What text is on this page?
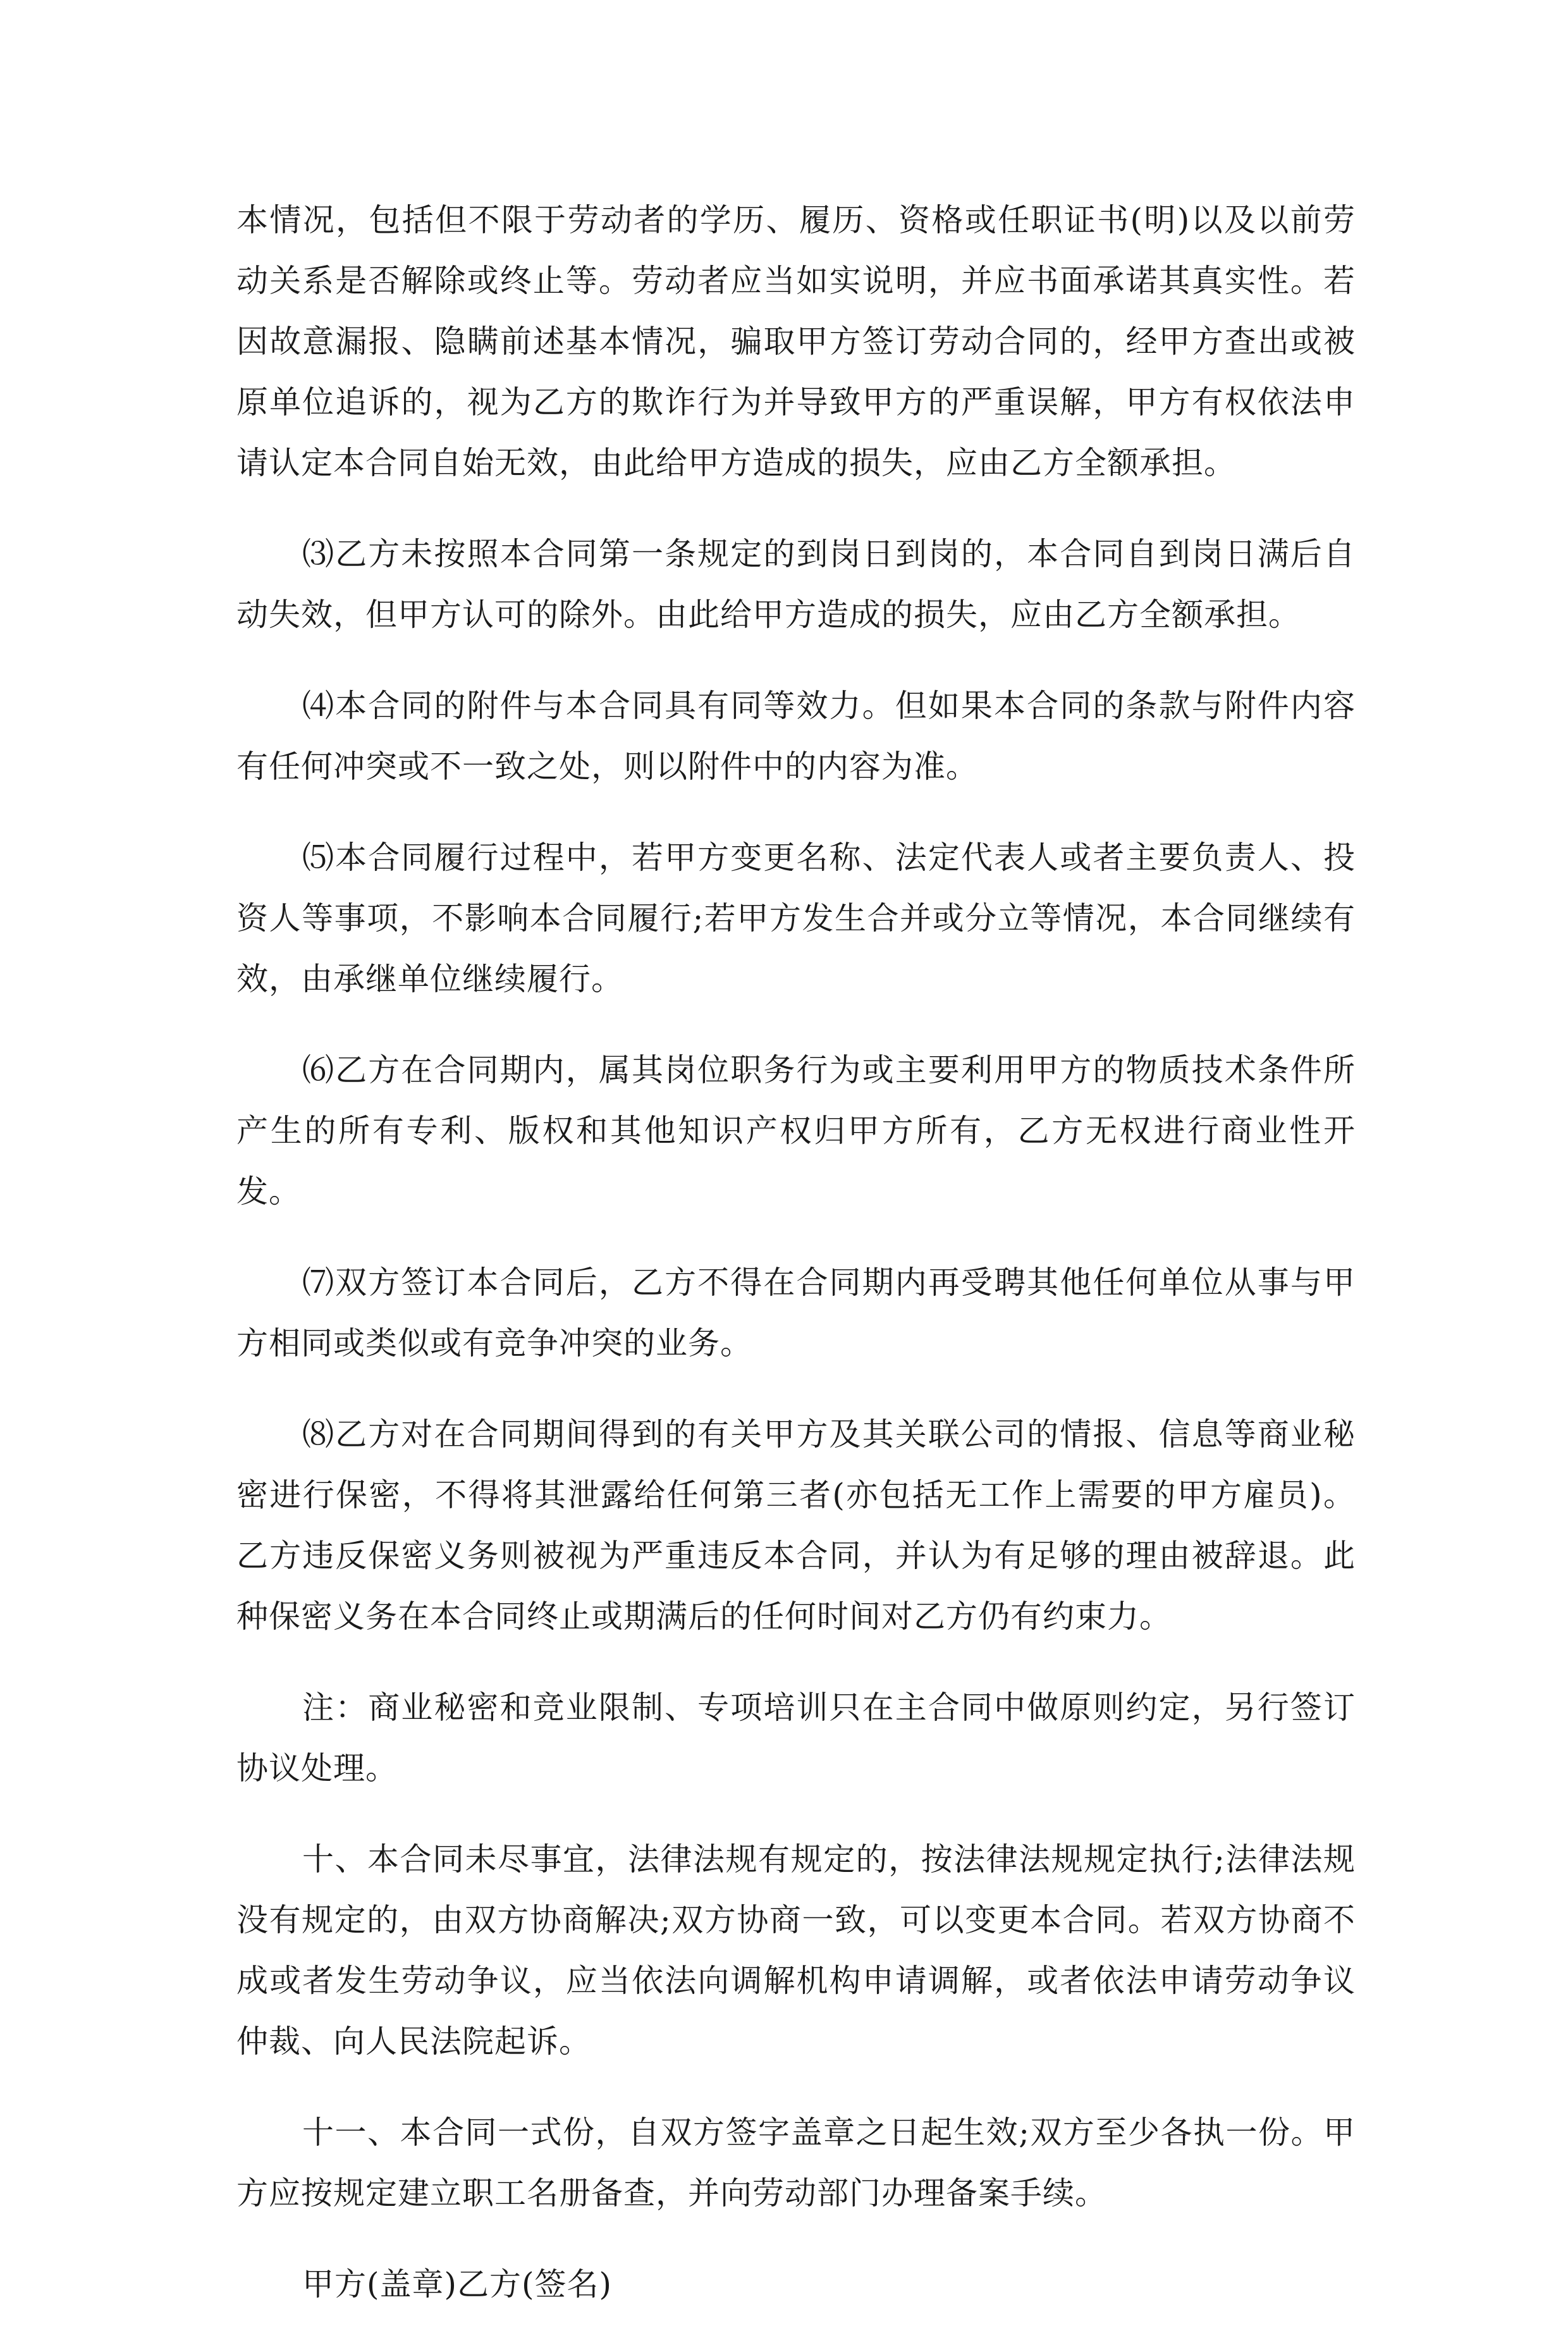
本情况，包括但不限于劳动者的学历、履历、资格或任职证书(明)以及以前劳动关系是否解除或终止等。劳动者应当如实说明，并应书面承诺其真实性。若因故意漏报、隐瞒前述基本情况，骗取甲方签订劳动合同的，经甲方查出或被原单位追诉的，视为乙方的欺诈行为并导致甲方的严重误解，甲方有权依法申请认定本合同自始无效，由此给甲方造成的损失，应由乙方全额承担。

⑶乙方未按照本合同第一条规定的到岗日到岗的，本合同自到岗日满后自动失效，但甲方认可的除外。由此给甲方造成的损失，应由乙方全额承担。

⑷本合同的附件与本合同具有同等效力。但如果本合同的条款与附件内容有任何冲突或不一致之处，则以附件中的内容为准。

⑸本合同履行过程中，若甲方变更名称、法定代表人或者主要负责人、投资人等事项，不影响本合同履行;若甲方发生合并或分立等情况，本合同继续有效，由承继单位继续履行。

⑹乙方在合同期内，属其岗位职务行为或主要利用甲方的物质技术条件所产生的所有专利、版权和其他知识产权归甲方所有，乙方无权进行商业性开发。

⑺双方签订本合同后，乙方不得在合同期内再受聘其他任何单位从事与甲方相同或类似或有竞争冲突的业务。

⑻乙方对在合同期间得到的有关甲方及其关联公司的情报、信息等商业秘密进行保密，不得将其泄露给任何第三者(亦包括无工作上需要的甲方雇员)。乙方违反保密义务则被视为严重违反本合同，并认为有足够的理由被辞退。此种保密义务在本合同终止或期满后的任何时间对乙方仍有约束力。

注：商业秘密和竞业限制、专项培训只在主合同中做原则约定，另行签订协议处理。

十、本合同未尽事宜，法律法规有规定的，按法律法规规定执行;法律法规没有规定的，由双方协商解决;双方协商一致，可以变更本合同。若双方协商不成或者发生劳动争议，应当依法向调解机构申请调解，或者依法申请劳动争议仲裁、向人民法院起诉。

十一、本合同一式份，自双方签字盖章之日起生效;双方至少各执一份。甲方应按规定建立职工名册备查，并向劳动部门办理备案手续。

甲方(盖章)乙方(签名)
